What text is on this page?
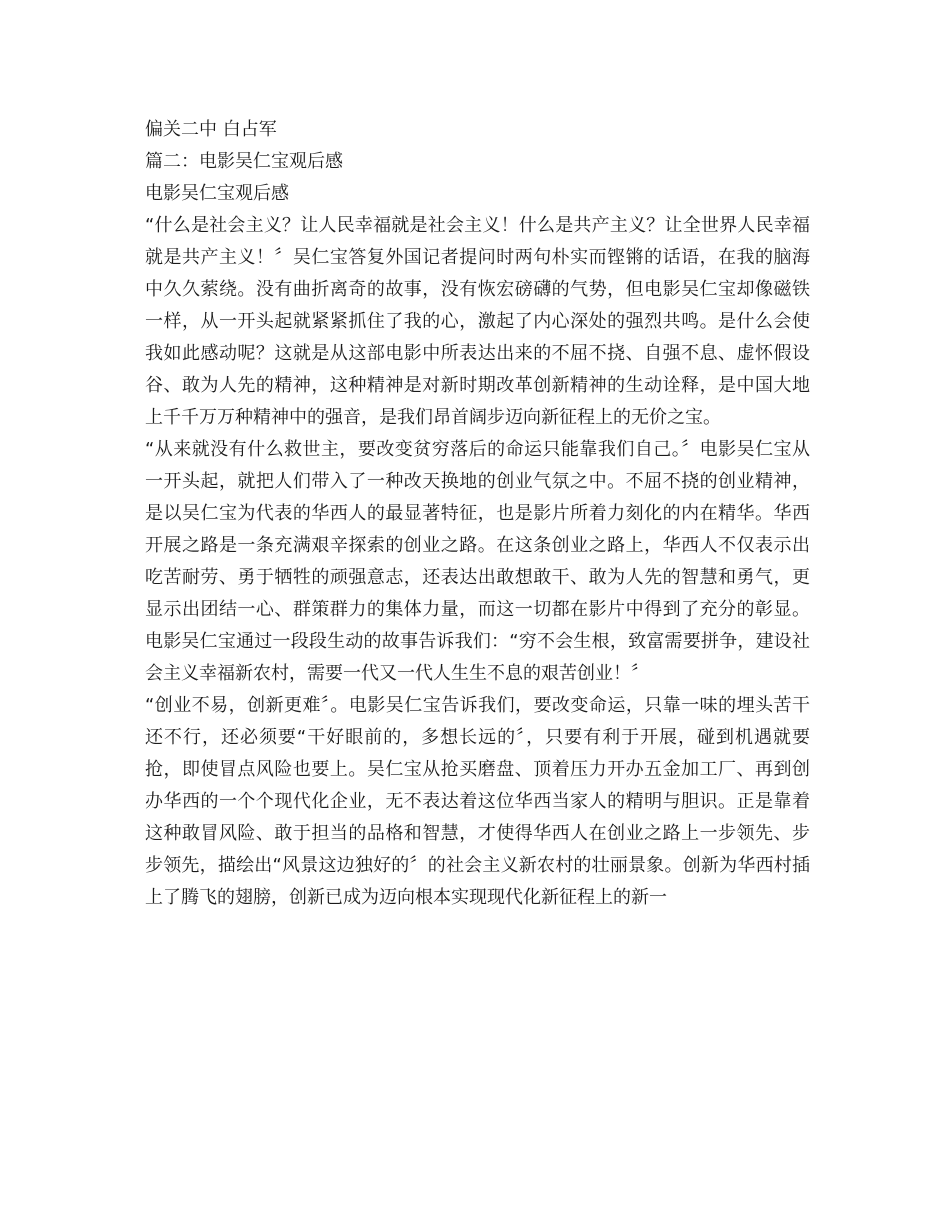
偏关二中 白占军

篇二：电影吴仁宝观后感

电影吴仁宝观后感

“什么是社会主义？让人民幸福就是社会主义！什么是共产主义？让全世界人民幸福就是共产主义！〞吴仁宝答复外国记者提问时两句朴实而铿锵的话语，在我的脑海中久久萦绕。没有曲折离奇的故事，没有恢宏磅礴的气势，但电影吴仁宝却像磁铁一样，从一开头起就紧紧抓住了我的心，激起了内心深处的强烈共鸣。是什么会使我如此感动呢？这就是从这部电影中所表达出来的不屈不挠、自强不息、虚怀假设谷、敢为人先的精神，这种精神是对新时期改革创新精神的生动诠释，是中国大地上千千万万种精神中的强音，是我们昂首阔步迈向新征程上的无价之宝。

“从来就没有什么救世主，要改变贫穷落后的命运只能靠我们自己。〞电影吴仁宝从一开头起，就把人们带入了一种改天换地的创业气氛之中。不屈不挠的创业精神，是以吴仁宝为代表的华西人的最显著特征，也是影片所着力刻化的内在精华。华西开展之路是一条充满艰辛探索的创业之路。在这条创业之路上，华西人不仅表示出吃苦耐劳、勇于牺牲的顽强意志，还表达出敢想敢干、敢为人先的智慧和勇气，更显示出团结一心、群策群力的集体力量，而这一切都在影片中得到了充分的彰显。电影吴仁宝通过一段段生动的故事告诉我们：“穷不会生根，致富需要拼争，建设社会主义幸福新农村，需要一代又一代人生生不息的艰苦创业！〞

“创业不易，创新更难〞。电影吴仁宝告诉我们，要改变命运，只靠一味的埋头苦干还不行，还必须要“干好眼前的，多想长远的〞，只要有利于开展，碰到机遇就要抢，即使冒点风险也要上。吴仁宝从抢买磨盘、顶着压力开办五金加工厂、再到创办华西的一个个现代化企业，无不表达着这位华西当家人的精明与胆识。正是靠着这种敢冒风险、敢于担当的品格和智慧，才使得华西人在创业之路上一步领先、步步领先，描绘出“风景这边独好的〞的社会主义新农村的壮丽景象。创新为华西村插上了腾飞的翅膀，创新已成为迈向根本实现现代化新征程上的新一
